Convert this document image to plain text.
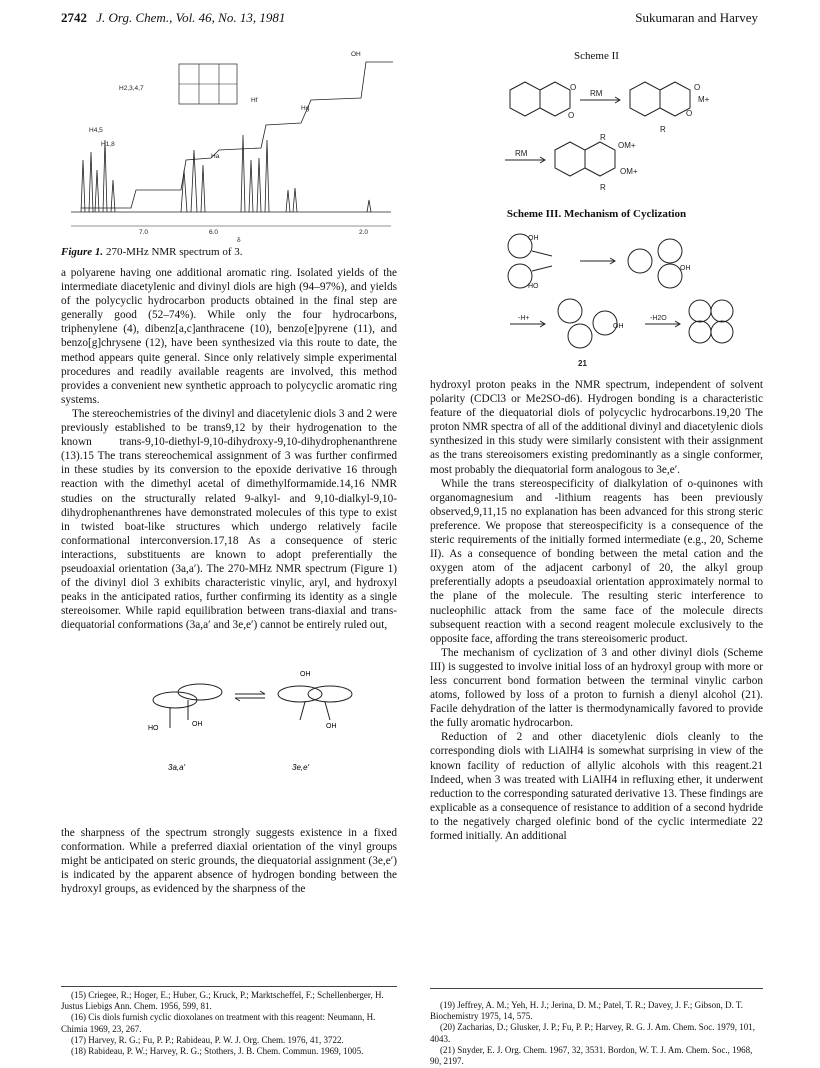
2742 J. Org. Chem., Vol. 46, No. 13, 1981	Sukumaran and Harvey
OH
H2,3,4,7
Hf
Hg
H4,5
H1,8
Ha
7.0	6.0
δ
2.0
Figure 1. 270-MHz NMR spectrum of 3.

a polyarene having one additional aromatic ring. Isolated yields of the intermediate diacetylenic and divinyl diols are high (94–97%), and yields of the polycyclic hydrocarbon products obtained in the final step are generally good (52–74%). While only the four hydrocarbons, triphenylene (4), dibenz[a,c]anthracene (10), benzo[e]pyrene (11), and benzo[g]chrysene (12), have been synthesized via this route to date, the method appears quite general. Since only relatively simple experimental procedures and readily available reagents are involved, this method provides a convenient new synthetic approach to polycyclic aromatic ring systems.

The stereochemistries of the divinyl and diacetylenic diols 3 and 2 were previously established to be trans9,12 by their hydrogenation to the known trans-9,10-diethyl-9,10-dihydroxy-9,10-dihydrophenanthrene (13).15 The trans stereochemical assignment of 3 was further confirmed in these studies by its conversion to the epoxide derivative 16 through reaction with the dimethyl acetal of dimethylformamide.14,16 NMR studies on the structurally related 9-alkyl- and 9,10-dialkyl-9,10-dihydrophenanthrenes have demonstrated molecules of this type to exist in twisted boat-like structures which undergo relatively facile conformational interconversion.17,18 As a consequence of steric interactions, substituents are known to adopt preferentially the pseudoaxial orientation (3a,a′). The 270-MHz NMR spectrum (Figure 1) of the divinyl diol 3 exhibits characteristic vinylic, aryl, and hydroxyl peaks in the anticipated ratios, further confirming its identity as a single stereoisomer. While rapid equilibration between trans-diaxial and trans-diequatorial conformations (3a,a′ and 3e,e′) cannot be entirely ruled out,

HO
OH
OH
OH
3a,a′	3e,e′

the sharpness of the spectrum strongly suggests existence in a fixed conformation. While a preferred diaxial orientation of the vinyl groups might be anticipated on steric grounds, the diequatorial assignment (3e,e′) is indicated by the apparent absence of hydrogen bonding between the hydroxyl groups, as evidenced by the sharpness of the

(15) Criegee, R.; Hoger, E.; Huber, G.; Kruck, P.; Marktscheffel, F.; Schellenberger, H. Justus Liebigs Ann. Chem. 1956, 599, 81.

(16) Cis diols furnish cyclic dioxolanes on treatment with this reagent: Neumann, H. Chimia 1969, 23, 267.

(17) Harvey, R. G.; Fu, P. P.; Rabideau, P. W. J. Org. Chem. 1976, 41, 3722.

(18) Rabideau, P. W.; Harvey, R. G.; Stothers, J. B. Chem. Commun. 1969, 1005.

Scheme II
O
O
RM
O
M+
O
R
RM
OM+
OM+
R
R
Scheme III. Mechanism of Cyclization
OH
HO
OH
OH
-H+	-H2O
21

hydroxyl proton peaks in the NMR spectrum, independent of solvent polarity (CDCl3 or Me2SO-d6). Hydrogen bonding is a characteristic feature of the diequatorial diols of polycyclic hydrocarbons.19,20 The proton NMR spectra of all of the additional divinyl and diacetylenic diols synthesized in this study were similarly consistent with their assignment as the trans stereoisomers existing predominantly as a single conformer, most probably the diequatorial form analogous to 3e,e′.

While the trans stereospecificity of dialkylation of o-quinones with organomagnesium and -lithium reagents has been previously observed,9,11,15 no explanation has been advanced for this strong steric preference. We propose that stereospecificity is a consequence of the steric requirements of the initially formed intermediate (e.g., 20, Scheme II). As a consequence of bonding between the metal cation and the oxygen atom of the adjacent carbonyl of 20, the alkyl group preferentially adopts a pseudoaxial orientation approximately normal to the plane of the molecule. The resulting steric interference to nucleophilic attack from the same face of the molecule directs subsequent reaction with a second reagent molecule exclusively to the opposite face, affording the trans stereoisomeric product.

The mechanism of cyclization of 3 and other divinyl diols (Scheme III) is suggested to involve initial loss of an hydroxyl group with more or less concurrent bond formation between the terminal vinylic carbon atoms, followed by loss of a proton to furnish a dienyl alcohol (21). Facile dehydration of the latter is thermodynamically favored to provide the fully aromatic hydrocarbon.

Reduction of 2 and other diacetylenic diols cleanly to the corresponding diols with LiAlH4 is somewhat surprising in view of the known facility of reduction of allylic alcohols with this reagent.21 Indeed, when 3 was treated with LiAlH4 in refluxing ether, it underwent reduction to the corresponding saturated derivative 13. These findings are explicable as a consequence of resistance to addition of a second hydride to the negatively charged olefinic bond of the cyclic intermediate 22 formed initially. An additional

(19) Jeffrey, A. M.; Yeh, H. J.; Jerina, D. M.; Patel, T. R.; Davey, J. F.; Gibson, D. T. Biochemistry 1975, 14, 575.

(20) Zacharias, D.; Glusker, J. P.; Fu, P. P.; Harvey, R. G. J. Am. Chem. Soc. 1979, 101, 4043.

(21) Snyder, E. J. Org. Chem. 1967, 32, 3531. Bordon, W. T. J. Am. Chem. Soc., 1968, 90, 2197.
